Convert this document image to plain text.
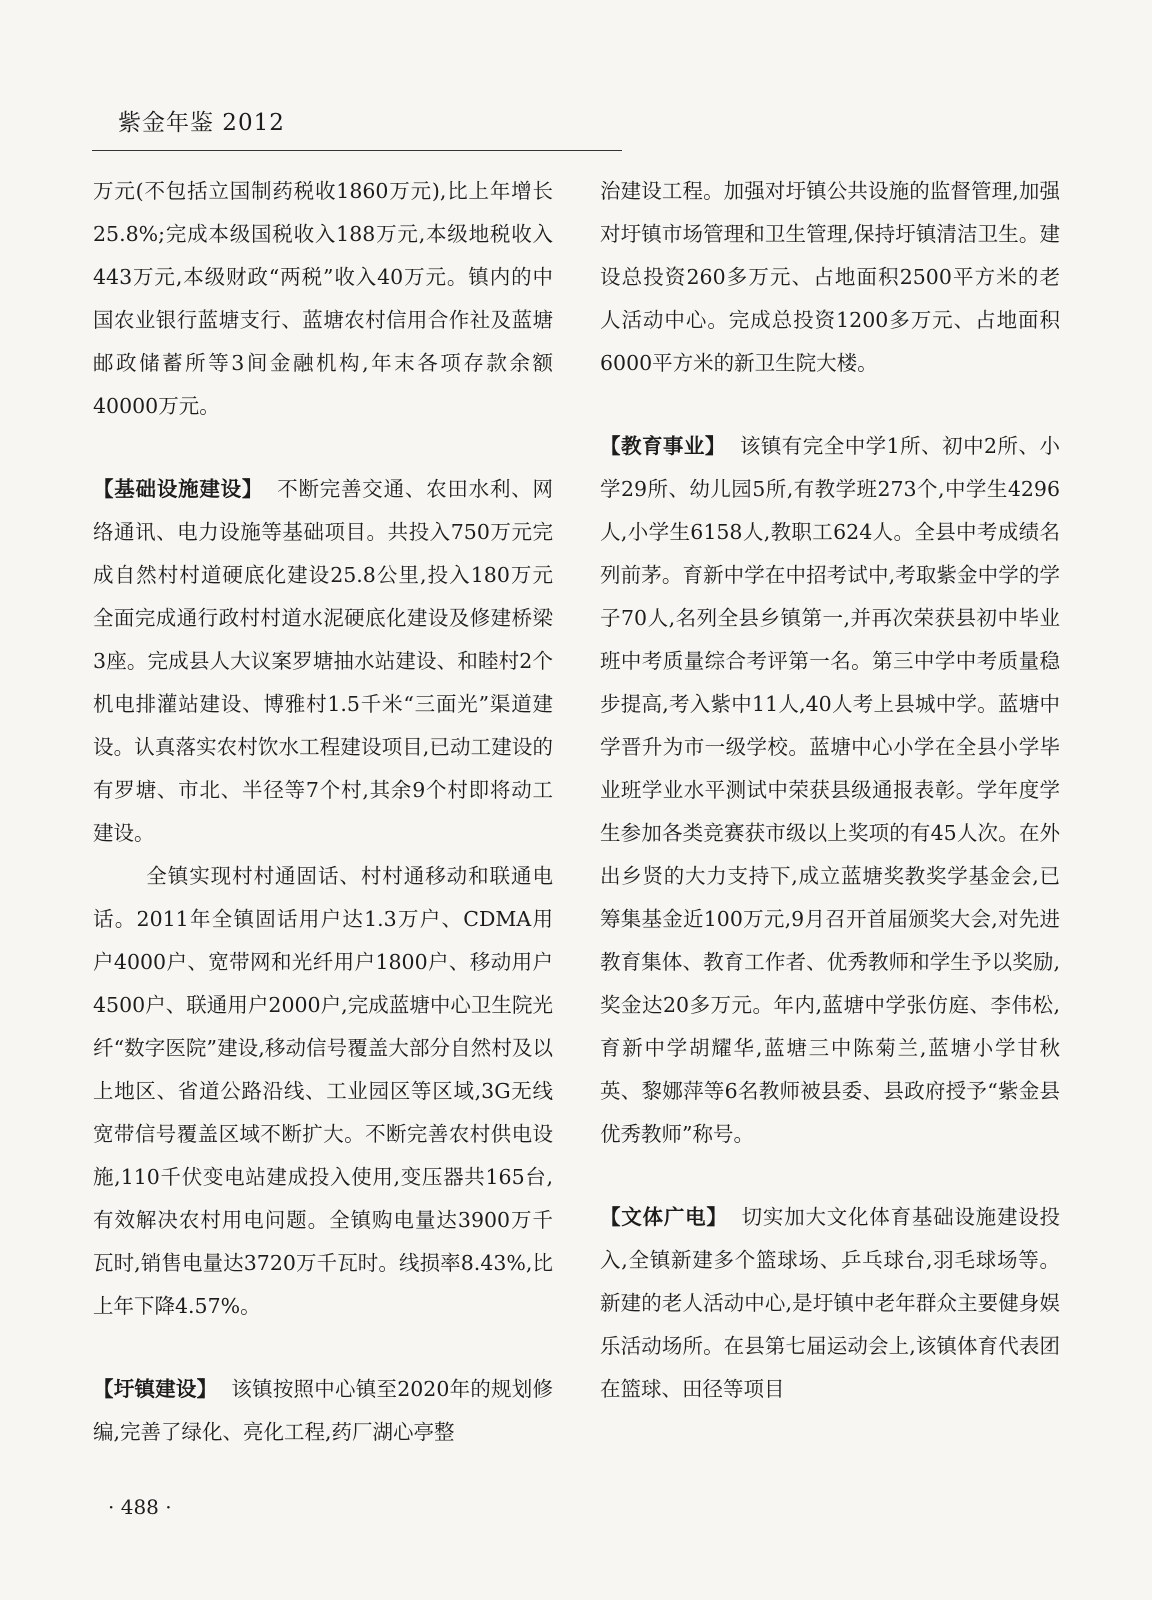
紫金年鉴 2012

万元(不包括立国制药税收1860万元),比上年增长25.8%;完成本级国税收入188万元,本级地税收入443万元,本级财政“两税”收入40万元。镇内的中国农业银行蓝塘支行、蓝塘农村信用合作社及蓝塘邮政储蓄所等3间金融机构,年末各项存款余额40000万元。

【基础设施建设】 不断完善交通、农田水利、网络通讯、电力设施等基础项目。共投入750万元完成自然村村道硬底化建设25.8公里,投入180万元全面完成通行政村村道水泥硬底化建设及修建桥梁3座。完成县人大议案罗塘抽水站建设、和睦村2个机电排灌站建设、博雅村1.5千米“三面光”渠道建设。认真落实农村饮水工程建设项目,已动工建设的有罗塘、市北、半径等7个村,其余9个村即将动工建设。

全镇实现村村通固话、村村通移动和联通电话。2011年全镇固话用户达1.3万户、CDMA用户4000户、宽带网和光纤用户1800户、移动用户4500户、联通用户2000户,完成蓝塘中心卫生院光纤“数字医院”建设,移动信号覆盖大部分自然村及以上地区、省道公路沿线、工业园区等区域,3G无线宽带信号覆盖区域不断扩大。不断完善农村供电设施,110千伏变电站建成投入使用,变压器共165台,有效解决农村用电问题。全镇购电量达3900万千瓦时,销售电量达3720万千瓦时。线损率8.43%,比上年下降4.57%。

【圩镇建设】 该镇按照中心镇至2020年的规划修编,完善了绿化、亮化工程,药厂湖心亭整

治建设工程。加强对圩镇公共设施的监督管理,加强对圩镇市场管理和卫生管理,保持圩镇清洁卫生。建设总投资260多万元、占地面积2500平方米的老人活动中心。完成总投资1200多万元、占地面积6000平方米的新卫生院大楼。

【教育事业】 该镇有完全中学1所、初中2所、小学29所、幼儿园5所,有教学班273个,中学生4296人,小学生6158人,教职工624人。全县中考成绩名列前茅。育新中学在中招考试中,考取紫金中学的学子70人,名列全县乡镇第一,并再次荣获县初中毕业班中考质量综合考评第一名。第三中学中考质量稳步提高,考入紫中11人,40人考上县城中学。蓝塘中学晋升为市一级学校。蓝塘中心小学在全县小学毕业班学业水平测试中荣获县级通报表彰。学年度学生参加各类竞赛获市级以上奖项的有45人次。在外出乡贤的大力支持下,成立蓝塘奖教奖学基金会,已筹集基金近100万元,9月召开首届颁奖大会,对先进教育集体、教育工作者、优秀教师和学生予以奖励,奖金达20多万元。年内,蓝塘中学张仿庭、李伟松,育新中学胡耀华,蓝塘三中陈菊兰,蓝塘小学甘秋英、黎娜萍等6名教师被县委、县政府授予“紫金县优秀教师”称号。

【文体广电】 切实加大文化体育基础设施建设投入,全镇新建多个篮球场、乒乓球台,羽毛球场等。新建的老人活动中心,是圩镇中老年群众主要健身娱乐活动场所。在县第七届运动会上,该镇体育代表团在篮球、田径等项目

· 488 ·
